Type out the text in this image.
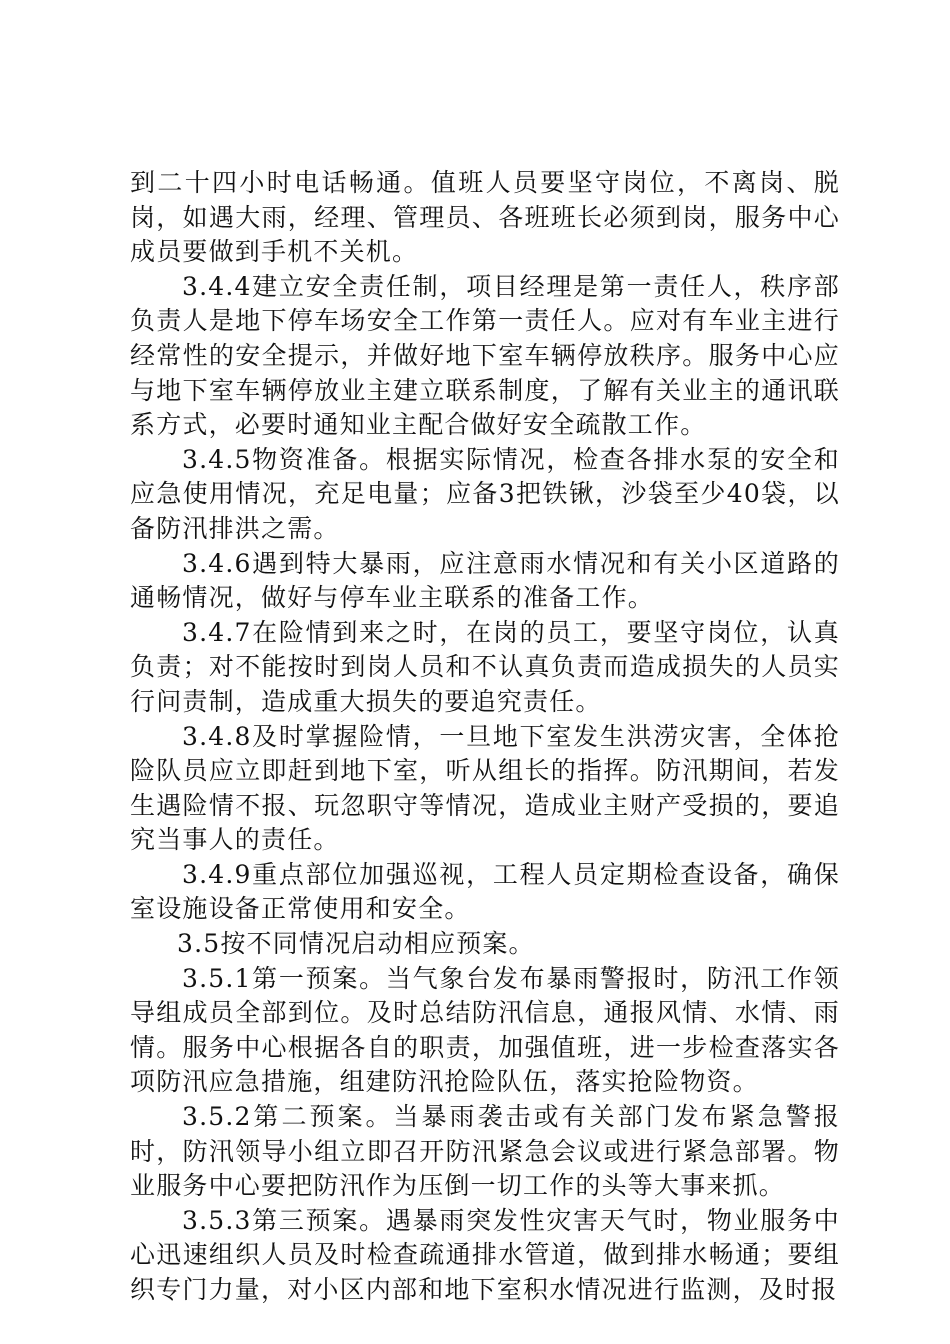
到二十四小时电话畅通。值班人员要坚守岗位，不离岗、脱岗，如遇大雨，经理、管理员、各班班长必须到岗，服务中心成员要做到手机不关机。

3.4.4建立安全责任制，项目经理是第一责任人，秩序部负责人是地下停车场安全工作第一责任人。应对有车业主进行经常性的安全提示，并做好地下室车辆停放秩序。服务中心应与地下室车辆停放业主建立联系制度，了解有关业主的通讯联系方式，必要时通知业主配合做好安全疏散工作。

3.4.5物资准备。根据实际情况，检查各排水泵的安全和应急使用情况，充足电量；应备3把铁锹，沙袋至少40袋，以备防汛排洪之需。

3.4.6遇到特大暴雨，应注意雨水情况和有关小区道路的通畅情况，做好与停车业主联系的准备工作。

3.4.7在险情到来之时，在岗的员工，要坚守岗位，认真负责；对不能按时到岗人员和不认真负责而造成损失的人员实行问责制，造成重大损失的要追究责任。

3.4.8及时掌握险情，一旦地下室发生洪涝灾害，全体抢险队员应立即赶到地下室，听从组长的指挥。防汛期间，若发生遇险情不报、玩忽职守等情况，造成业主财产受损的，要追究当事人的责任。

3.4.9重点部位加强巡视，工程人员定期检查设备，确保室设施设备正常使用和安全。

3.5按不同情况启动相应预案。

3.5.1第一预案。当气象台发布暴雨警报时，防汛工作领导组成员全部到位。及时总结防汛信息，通报风情、水情、雨情。服务中心根据各自的职责，加强值班，进一步检查落实各项防汛应急措施，组建防汛抢险队伍，落实抢险物资。

3.5.2第二预案。当暴雨袭击或有关部门发布紧急警报时，防汛领导小组立即召开防汛紧急会议或进行紧急部署。物业服务中心要把防汛作为压倒一切工作的头等大事来抓。

3.5.3第三预案。遇暴雨突发性灾害天气时，物业服务中心迅速组织人员及时检查疏通排水管道，做到排水畅通；要组织专门力量，对小区内部和地下室积水情况进行监测，及时报
